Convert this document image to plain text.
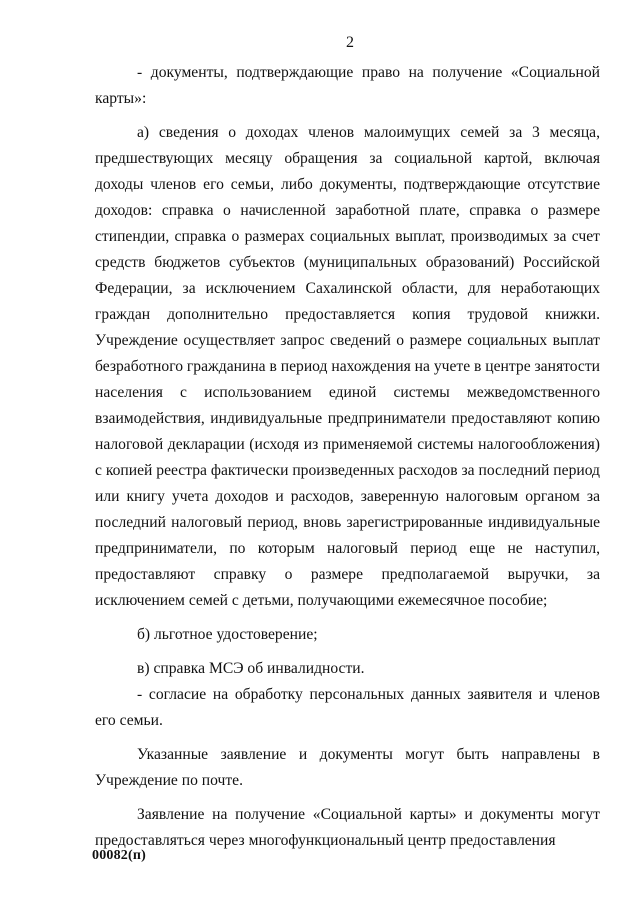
2

- документы, подтверждающие право на получение «Социальной карты»:

а) сведения о доходах членов малоимущих семей за 3 месяца, предшествующих месяцу обращения за социальной картой, включая доходы членов его семьи, либо документы, подтверждающие отсутствие доходов: справка о начисленной заработной плате, справка о размере стипендии, справка о размерах социальных выплат, производимых за счет средств бюджетов субъектов (муниципальных образований) Российской Федерации, за исключением Сахалинской области, для неработающих граждан дополнительно предоставляется копия трудовой книжки. Учреждение осуществляет запрос сведений о размере социальных выплат безработного гражданина в период нахождения на учете в центре занятости населения с использованием единой системы межведомственного взаимодействия, индивидуальные предприниматели предоставляют копию налоговой декларации (исходя из применяемой системы налогообложения) с копией реестра фактически произведенных расходов за последний период или книгу учета доходов и расходов, заверенную налоговым органом за последний налоговый период, вновь зарегистрированные индивидуальные предприниматели, по которым налоговый период еще не наступил, предоставляют справку о размере предполагаемой выручки, за исключением семей с детьми, получающими ежемесячное пособие;

б) льготное удостоверение;

в) справка МСЭ об инвалидности.

- согласие на обработку персональных данных заявителя и членов его семьи.

Указанные заявление и документы могут быть направлены в Учреждение по почте.

Заявление на получение «Социальной карты» и документы могут предоставляться через многофункциональный центр предоставления

00082(п)
